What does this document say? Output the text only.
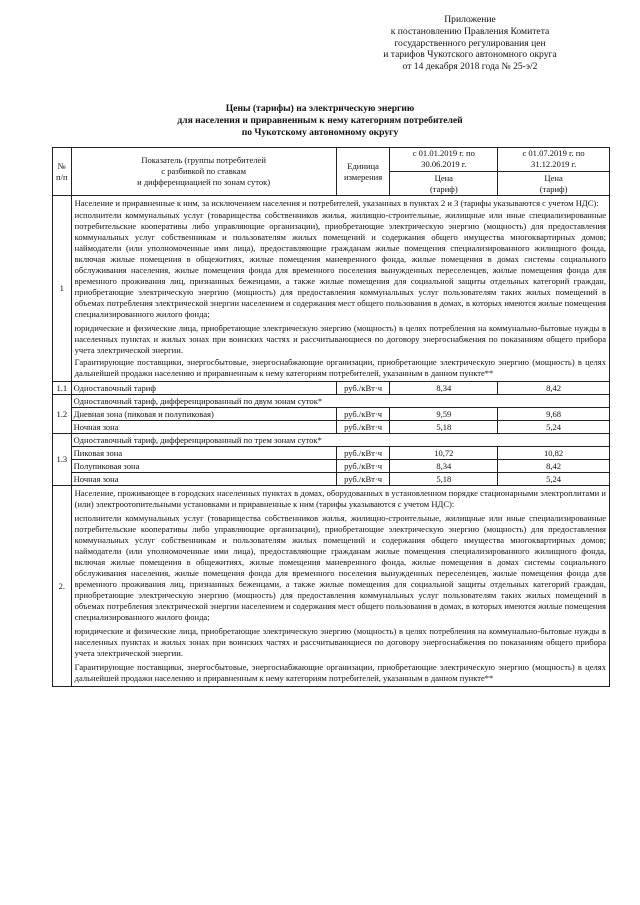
Приложение
к постановлению Правления Комитета
государственного регулирования цен
и тарифов Чукотского автономного округа
от 14 декабря 2018 года № 25-э/2
Цены (тарифы) на электрическую энергию
для населения и приравненным к нему категориям потребителей
по Чукотскому автономному округу
№
п/п	Показатель (группы потребителей
с разбивкой по ставкам
и дифференциацией по зонам суток)	Единица
измерения	с 01.01.2019 г. по
30.06.2019 г.
Цена
(тариф)	с 01.07.2019 г. по
31.12.2019 г.
Цена
(тариф)

1	Население и приравненные к ним, за исключением населения и потребителей, указанных в пунктах 2 и 3 (тарифы указываются с учетом НДС):

исполнители коммунальных услуг (товарищества собственников жилья, жилищно-строительные, жилищные или иные специализированные потребительские кооперативы либо управляющие организации), приобретающие электрическую энергию (мощность) для предоставления коммунальных услуг собственникам и пользователям жилых помещений и содержания общего имущества многоквартирных домов; наймодатели (или уполномоченные ими лица), предоставляющие гражданам жилые помещения специализированного жилищного фонда, включая жилые помещения в общежитиях, жилые помещения маневренного фонда, жилые помещения в домах системы социального обслуживания населения, жилые помещения фонда для временного поселения вынужденных переселенцев, жилые помещения фонда для временного проживания лиц, признанных беженцами, а также жилые помещения для социальной защиты отдельных категорий граждан, приобретающие электрическую энергию (мощность) для предоставления коммунальных услуг пользователям таких жилых помещений в объемах потребления электрической энергии населением и содержания мест общего пользования в домах, в которых имеются жилые помещения специализированного жилого фонда;

юридические и физические лица, приобретающие электрическую энергию (мощность) в целях потребления на коммунально-бытовые нужды в населенных пунктах и жилых зонах при воинских частях и рассчитывающиеся по договору энергоснабжения по показаниям общего прибора учета электрической энергии.

Гарантирующие поставщики, энергосбытовые, энергоснабжающие организации, приобретающие электрическую энергию (мощность) в целях дальнейшей продажи населению и приравненным к нему категориям потребителей, указанным в данном пункте**			

1.1	Одноставочный тариф	руб./кВт·ч	8,34	8,42
1.2	Одноставочный тариф, дифференцированный по двум зонам суток*			
	Дневная зона (пиковая и полупиковая)	руб./кВт·ч	9,59	9,68
	Ночная зона	руб./кВт·ч	5,18	5,24
1.3	Одноставочный тариф, дифференцированный по трем зонам суток*			
	Пиковая зона	руб./кВт·ч	10,72	10,82
	Полупиковая зона	руб./кВт·ч	8,34	8,42
	Ночная зона	руб./кВт·ч	5,18	5,24
2.	Население, проживающее в городских населенных пунктах в домах, оборудованных в установленном порядке стационарными электроплитами и (или) электроотопительными установками и приравненные к ним (тарифы указываются с учетом НДС):

исполнители коммунальных услуг (товарищества собственников жилья, жилищно-строительные, жилищные или иные специализированные потребительские кооперативы либо управляющие организации), приобретающие электрическую энергию (мощность) для предоставления коммунальных услуг собственникам и пользователям жилых помещений и содержания общего имущества многоквартирных домов; наймодатели (или уполномоченные ими лица), предоставляющие гражданам жилые помещения специализированного жилищного фонда, включая жилые помещения в общежитиях, жилые помещения маневренного фонда, жилые помещения в домах системы социального обслуживания населения, жилые помещения фонда для временного поселения вынужденных переселенцев, жилые помещения фонда для временного проживания лиц, признанных беженцами, а также жилые помещения для социальной защиты отдельных категорий граждан, приобретающие электрическую энергию (мощность) для предоставления коммунальных услуг пользователям таких жилых помещений в объемах потребления электрической энергии населением и содержания мест общего пользования в домах, в которых имеются жилые помещения специализированного жилого фонда;

юридические и физические лица, приобретающие электрическую энергию (мощность) в целях потребления на коммунально-бытовые нужды в населенных пунктах и жилых зонах при воинских частях и рассчитывающиеся по договору энергоснабжения по показаниям общего прибора учета электрической энергии.

Гарантирующие поставщики, энергосбытовые, энергоснабжающие организации, приобретающие электрическую энергию (мощность) в целях дальнейшей продажи населению и приравненным к нему категориям потребителей, указанным в данном пункте**			
